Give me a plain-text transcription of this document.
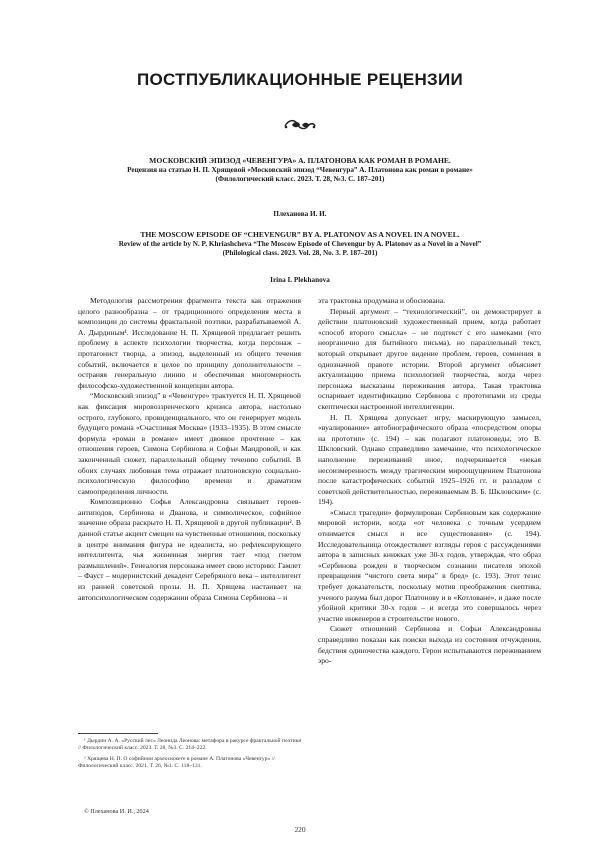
ПОСТПУБЛИКАЦИОННЫЕ РЕЦЕНЗИИ
МОСКОВСКИЙ ЭПИЗОД «ЧЕВЕНГУРА» А. ПЛАТОНОВА КАК РОМАН В РОМАНЕ.
Рецензия на статью Н. П. Хрящевой «Московский эпизод “Чевенгура” А. Платонова как роман в романе»
(Филологический класс. 2023. Т. 28, №3. С. 187–201)
Плеханова И. И.
THE MOSCOW EPISODE OF “CHEVENGUR” BY A. PLATONOV AS A NOVEL IN A NOVEL.
Review of the article by N. P. Khriashcheva “The Moscow Episode of Chevengur by A. Platonov as a Novel in a Novel”
(Philological class. 2023. Vol. 28, No. 3. P. 187–201)
Irina I. Plekhanova

Методология рассмотрения фрагмента текста как отражения целого разнообразна – от традиционного определения места в композиции до системы фрактальной поэтики, разрабатываемой А. А. Дырдиным¹. Исследование Н. П. Хрящевой предлагает решить проблему в аспекте психологии творчества, когда персонаж – протагонист творца, а эпизод, выделенный из общего течения событий, включается в целое по принципу дополнительности – остраняя генеральную линию и обеспечивая многомерность философско-художественной концепции автора.

“Московский эпизод” в «Чевенгуре» трактуется Н. П. Хрящевой как фиксация мировоззренческого кризиса автора, настолько острого, глубокого, провиденциального, что он генерирует модель будущего романа «Счастливая Москва» (1933–1935). В этом смысле формула «роман в романе» имеет двоякое прочтение – как отношения героев, Симона Сербинова и Софьи Мандровой, и как законченный сюжет, параллельный общему течению событий. В обоих случаях любовная тема отражает платоновскую социально-психологическую философию времени и драматизм самоопределения личности.

Композиционно Софья Александровна связывает героев-антиподов, Сербинова и Дванова, и символическое, софийное значение образа раскрыто Н. П. Хрящевой в другой публикации². В данной статье акцент смещен на чувственные отношения, поскольку в центре внимания фигура не идеалиста, но рефлексирующего интеллигента, чья жизненная энергия тает «под гнетом размышлений». Генеалогия персонажа имеет свою историю: Гамлет – Фауст – модернистский декадент Серебряного века – интеллигент из ранней советской прозы. Н. П. Хрящева настаивает на автопсихологическом содержании образа Симона Сербинова – и

эта трактовка продумана и обоснована.

Первый аргумент – “технологический”, он демонстрирует в действии платоновский художественный прием, когда работает «способ второго смысла» – не подтекст с его намеками (что неорганично для бытийного письма), но параллельный текст, который открывает другое видение проблем, героев, сомнения в однозначной правоте истории. Второй аргумент объясняет актуализацию приема психологией творчества, когда через персонажа высказаны переживания автора. Такая трактовка оспаривает идентификацию Сербинова с прототипами из среды скептически настроенной интеллигенции.

Н. П. Хрящева допускает игру, маскирующую замысел, «вуалирование» автобиографического образа «посредством опоры на прототип» (с. 194) – как полагают платоноведы, это В. Шкловский. Однако справедливо замечание, что психологическое наполнение переживаний иное, подчеркивается «некая несоизмеренность между трагическим мироощущением Платонова после катастрофических событий 1925–1926 гг. и разладом с советской действительностью, переживаемым В. Б. Шкловским» (с. 194).

«Смысл трагедии» формулирован Сербиновым как содержание мировой истории, когда «от человека с точным усердием отнимается смысл и все существования» (с. 194). Исследовательница отождествляет взгляды героя с рассуждениями автора в записных книжках уже 30-х годов, утверждая, что образ «Сербинова рожден в творческом сознании писателя эпохой превращения “чистого света мира” в бред» (с. 193). Этот тезис требует доказательств, поскольку мотив преображения скептика, ученого разума был дорог Платонову и в «Котловане», и даже после убойной критики 30-х годов – и всегда это совершалось через участие инженеров в строительстве нового.

Сюжет отношений Сербинова и Софьи Александровны справедливо показан как поиски выхода из состояния отчуждения, бедствия одиночества каждого. Герои испытываются переживанием эро-

¹ Дырдин А. А. «Русский лес» Леонида Леонова: метафора в ракурсе фрактальной поэтики // Филологический класс. 2023. Т. 28, №3. С. 214–222.

² Хрящева Н. П. О софийном археосюжете в романе А. Платонова «Чевенгур» // Филологический класс. 2021. Т. 26, №1. С. 118–131.

© Плеханова И. И., 2024
220
